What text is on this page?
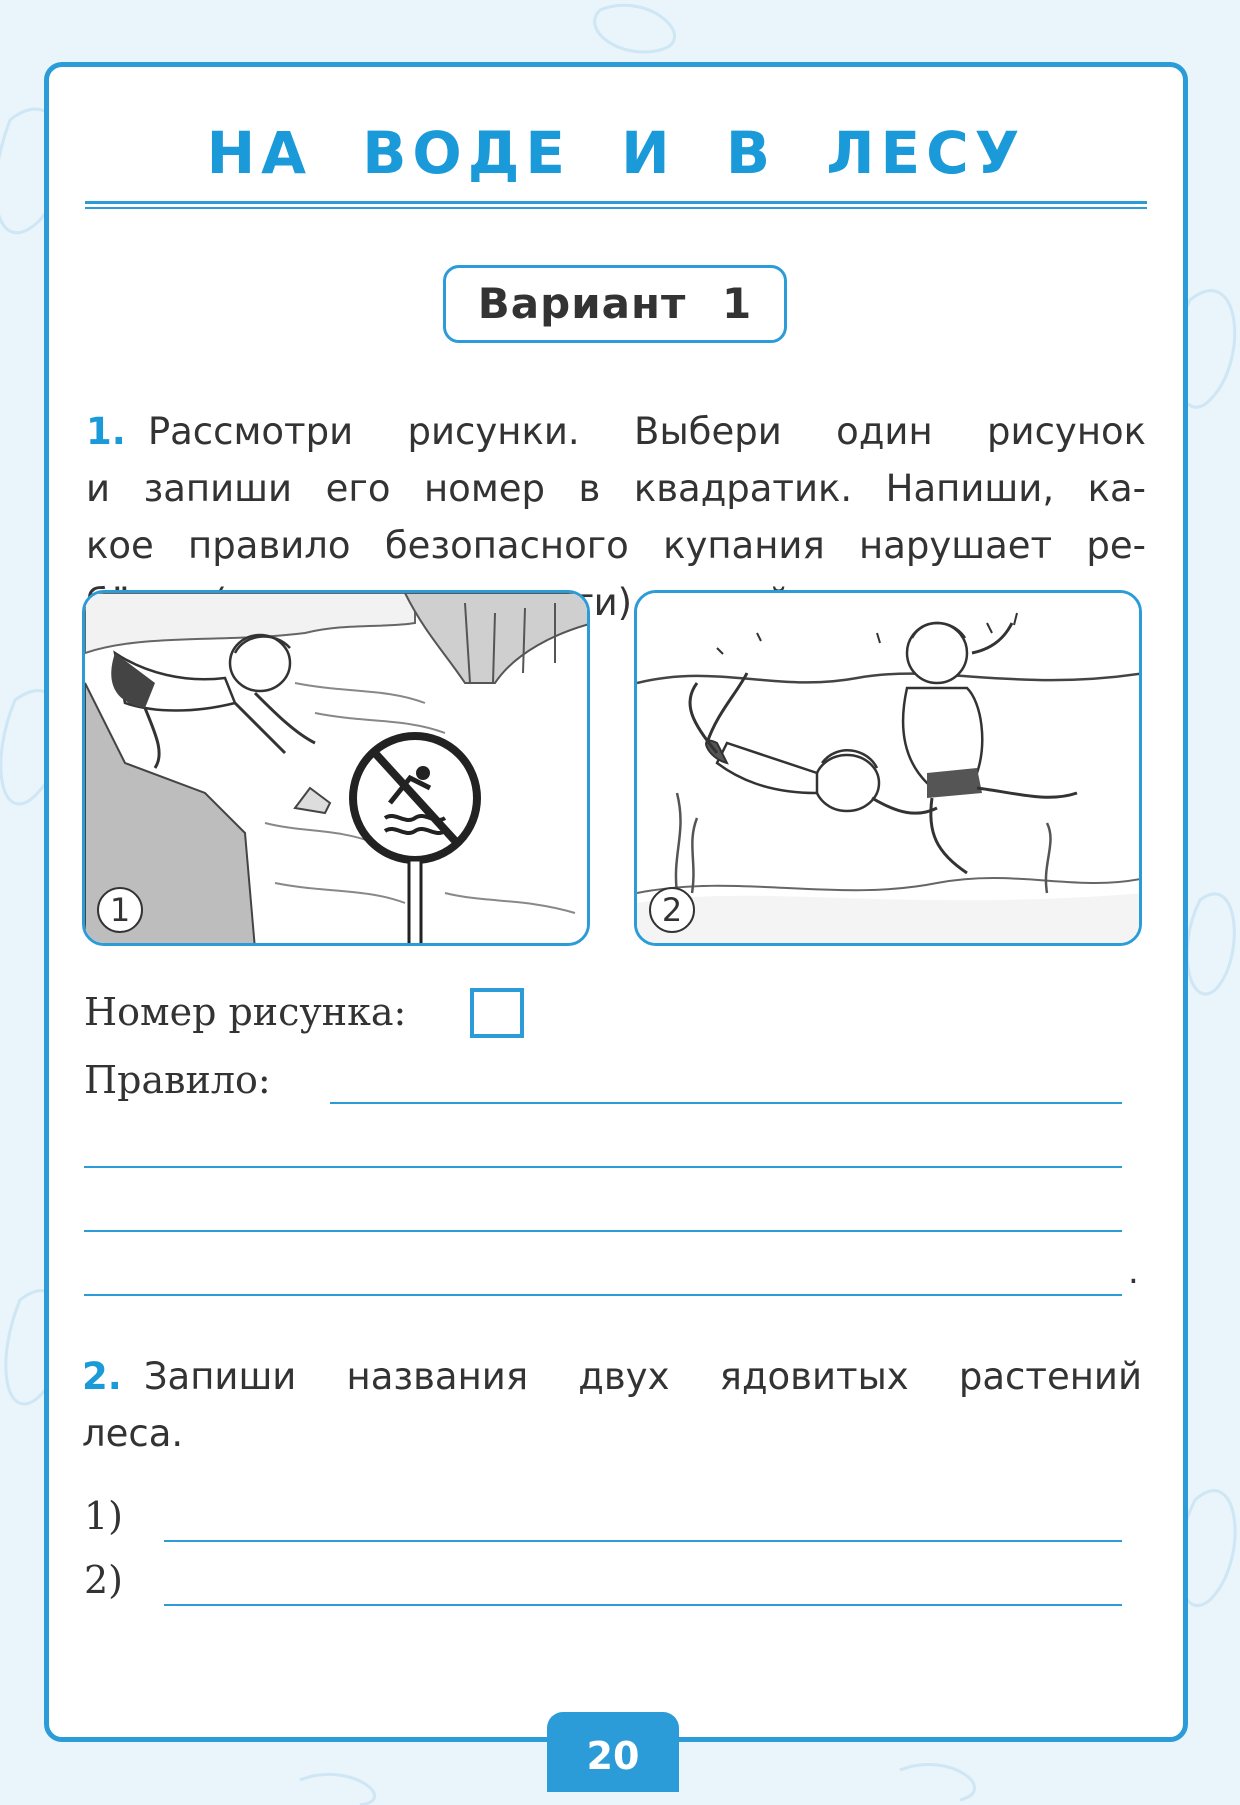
НА ВОДЕ И В ЛЕСУ
Вариант 1
1. Рассмотри рисунки. Выбери один рисунок
и запиши его номер в квадратик. Напиши, ка-
кое правило безопасного купания нарушает ре-
1	2
Номер рисунка:
Правило:
.
2. Запиши названия двух ядовитых растений
леса.
1)
2)
20
